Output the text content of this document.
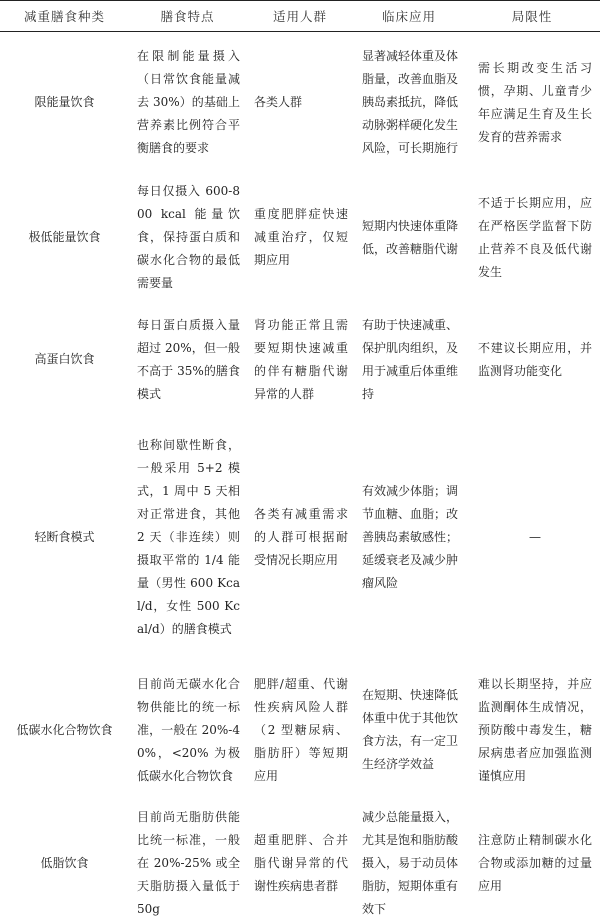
减重膳食种类	膳食特点	适用人群	临床应用	局限性
限能量饮食	在限制能量摄入（日常饮食能量减去 30%）的基础上营养素比例符合平衡膳食的要求	各类人群	显著减轻体重及体脂量，改善血脂及胰岛素抵抗，降低动脉粥样硬化发生风险，可长期施行	需长期改变生活习惯，孕期、儿童青少年应满足生育及生长发育的营养需求
极低能量饮食	每日仅摄入 600-800 kcal 能量饮食，保持蛋白质和碳水化合物的最低需要量	重度肥胖症快速减重治疗，仅短期应用	短期内快速体重降低，改善糖脂代谢	不适于长期应用，应在严格医学监督下防止营养不良及低代谢发生
高蛋白饮食	每日蛋白质摄入量超过 20%，但一般不高于 35%的膳食模式	肾功能正常且需要短期快速减重的伴有糖脂代谢异常的人群	有助于快速减重、保护肌肉组织，及用于减重后体重维持	不建议长期应用，并监测肾功能变化
轻断食模式	也称间歇性断食，一般采用 5+2 模式，1 周中 5 天相对正常进食，其他 2 天（非连续）则摄取平常的 1/4 能量（男性 600 Kcal/d，女性 500 Kcal/d）的膳食模式	各类有减重需求的人群可根据耐受情况长期应用	有效减少体脂；调节血糖、血脂；改善胰岛素敏感性；延缓衰老及减少肿瘤风险	—
低碳水化合物饮食	目前尚无碳水化合物供能比的统一标准，一般在 20%-40%，<20% 为极低碳水化合物饮食	肥胖/超重、代谢性疾病风险人群（2 型糖尿病、脂肪肝）等短期应用	在短期、快速降低体重中优于其他饮食方法，有一定卫生经济学效益	难以长期坚持，并应监测酮体生成情况，预防酸中毒发生，糖尿病患者应加强监测谨慎应用
低脂饮食	目前尚无脂肪供能比统一标准，一般在 20%-25% 或全天脂肪摄入量低于 50g	超重肥胖、合并脂代谢异常的代谢性疾病患者群	减少总能量摄入，尤其是饱和脂肪酸摄入，易于动员体脂肪，短期体重有效下	注意防止精制碳水化合物或添加糖的过量应用
